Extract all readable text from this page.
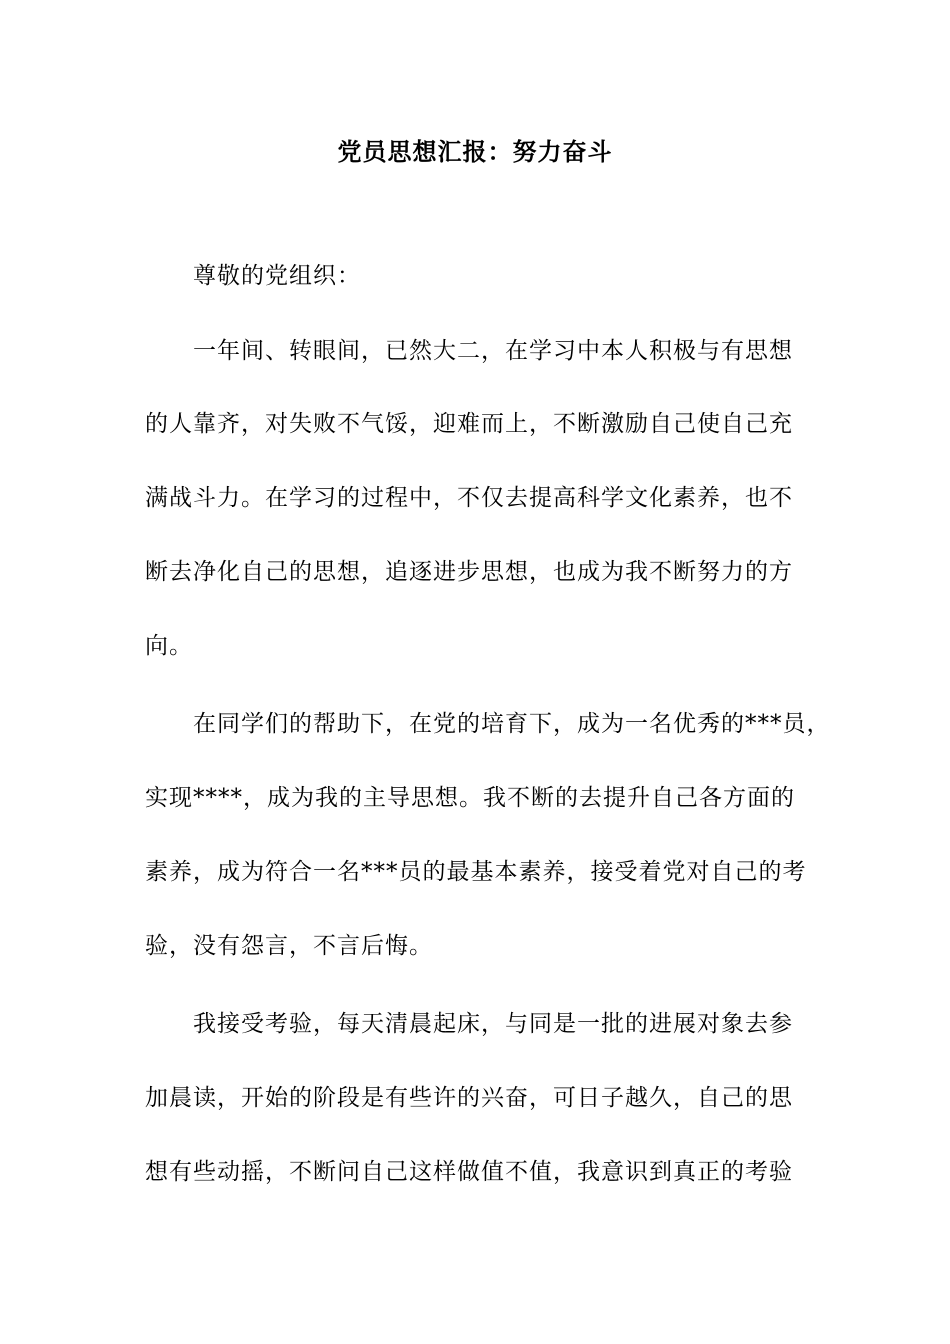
党员思想汇报：努力奋斗
尊敬的党组织：
一年间、转眼间，已然大二，在学习中本人积极与有思想
的人靠齐，对失败不气馁，迎难而上，不断激励自己使自己充
满战斗力。在学习的过程中，不仅去提高科学文化素养，也不
断去净化自己的思想，追逐进步思想，也成为我不断努力的方
向。
在同学们的帮助下，在党的培育下，成为一名优秀的***员，
实现****，成为我的主导思想。我不断的去提升自己各方面的
素养，成为符合一名***员的最基本素养，接受着党对自己的考
验，没有怨言，不言后悔。
我接受考验，每天清晨起床，与同是一批的进展对象去参
加晨读，开始的阶段是有些许的兴奋，可日子越久，自己的思
想有些动摇，不断问自己这样做值不值，我意识到真正的考验
